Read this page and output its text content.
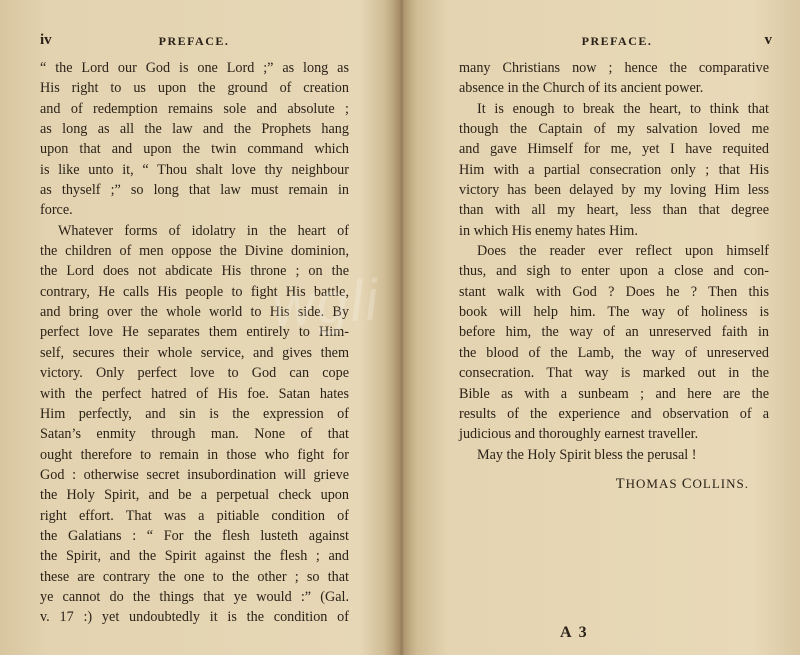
iv	PREFACE.
“ the Lord our God is one Lord ;” as long as
His right to us upon the ground of creation
and of redemption remains sole and absolute ;
as long as all the law and the Prophets hang
upon that and upon the twin command which
is like unto it, “ Thou shalt love thy neighbour
as thyself ;” so long that law must remain in
force.
Whatever forms of idolatry in the heart of
the children of men oppose the Divine dominion,
the Lord does not abdicate His throne ; on the
contrary, He calls His people to fight His battle,
and bring over the whole world to His side. By
perfect love He separates them entirely to Him-
self, secures their whole service, and gives them
victory. Only perfect love to God can cope
with the perfect hatred of His foe. Satan hates
Him perfectly, and sin is the expression of
Satan’s enmity through man. None of that
ought therefore to remain in those who fight for
God : otherwise secret insubordination will grieve
the Holy Spirit, and be a perpetual check upon
right effort. That was a pitiable condition of
the Galatians : “ For the flesh lusteth against
the Spirit, and the Spirit against the flesh ; and
these are contrary the one to the other ; so that
ye cannot do the things that ye would :” (Gal.
v. 17 :) yet undoubtedly it is the condition of
PREFACE.	v
many Christians now ; hence the comparative
absence in the Church of its ancient power.
It is enough to break the heart, to think that
though the Captain of my salvation loved me
and gave Himself for me, yet I have requited
Him with a partial consecration only ; that His
victory has been delayed by my loving Him less
than with all my heart, less than that degree
in which His enemy hates Him.
Does the reader ever reflect upon himself
thus, and sigh to enter upon a close and con-
stant walk with God ? Does he ? Then this
book will help him. The way of holiness is
before him, the way of an unreserved faith in
the blood of the Lamb, the way of unreserved
consecration. That way is marked out in the
Bible as with a sunbeam ; and here are the
results of the experience and observation of a
judicious and thoroughly earnest traveller.
May the Holy Spirit bless the perusal !
THOMAS COLLINS.
A 3
wgli
